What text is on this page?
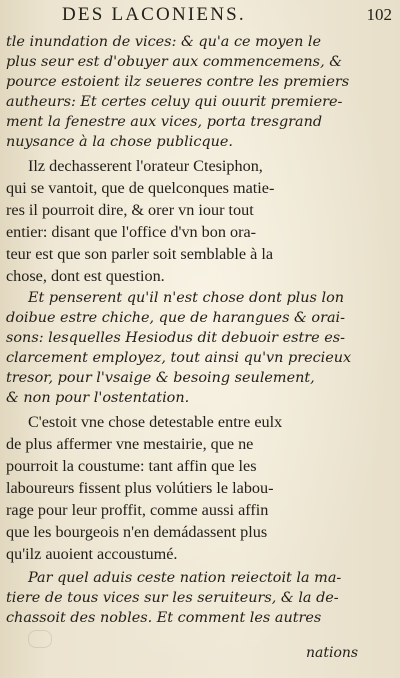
DES LACONIENS.	102
tle inundation de vices: & qu'a ce moyen le
plus seur est d'obuyer aux commencemens, &
pource estoient ilz seueres contre les premiers
autheurs: Et certes celuy qui ouurit premiere-
ment la fenestre aux vices, porta tresgrand
nuysance à la chose publicque.
Ilz dechasserent l'orateur Ctesiphon,
qui se vantoit, que de quelconques matie-
res il pourroit dire, & orer vn iour tout
entier: disant que l'office d'vn bon ora-
teur est que son parler soit semblable à la
chose, dont est question.
Et penserent qu'il n'est chose dont plus lon
doibue estre chiche, que de harangues & orai-
sons: lesquelles Hesiodus dit debuoir estre es-
clarcement employez, tout ainsi qu'vn precieux
tresor, pour l'vsaige & besoing seulement,
& non pour l'ostentation.
C'estoit vne chose detestable entre eulx
de plus affermer vne mestairie, que ne
pourroit la coustume: tant affin que les
laboureurs fissent plus volútiers le labou-
rage pour leur proffit, comme aussi affin
que les bourgeois n'en demádassent plus
qu'ilz auoient accoustumé.
Par quel aduis ceste nation reiectoit la ma-
tiere de tous vices sur les seruiteurs, & la de-
chassoit des nobles. Et comment les autres
nations
